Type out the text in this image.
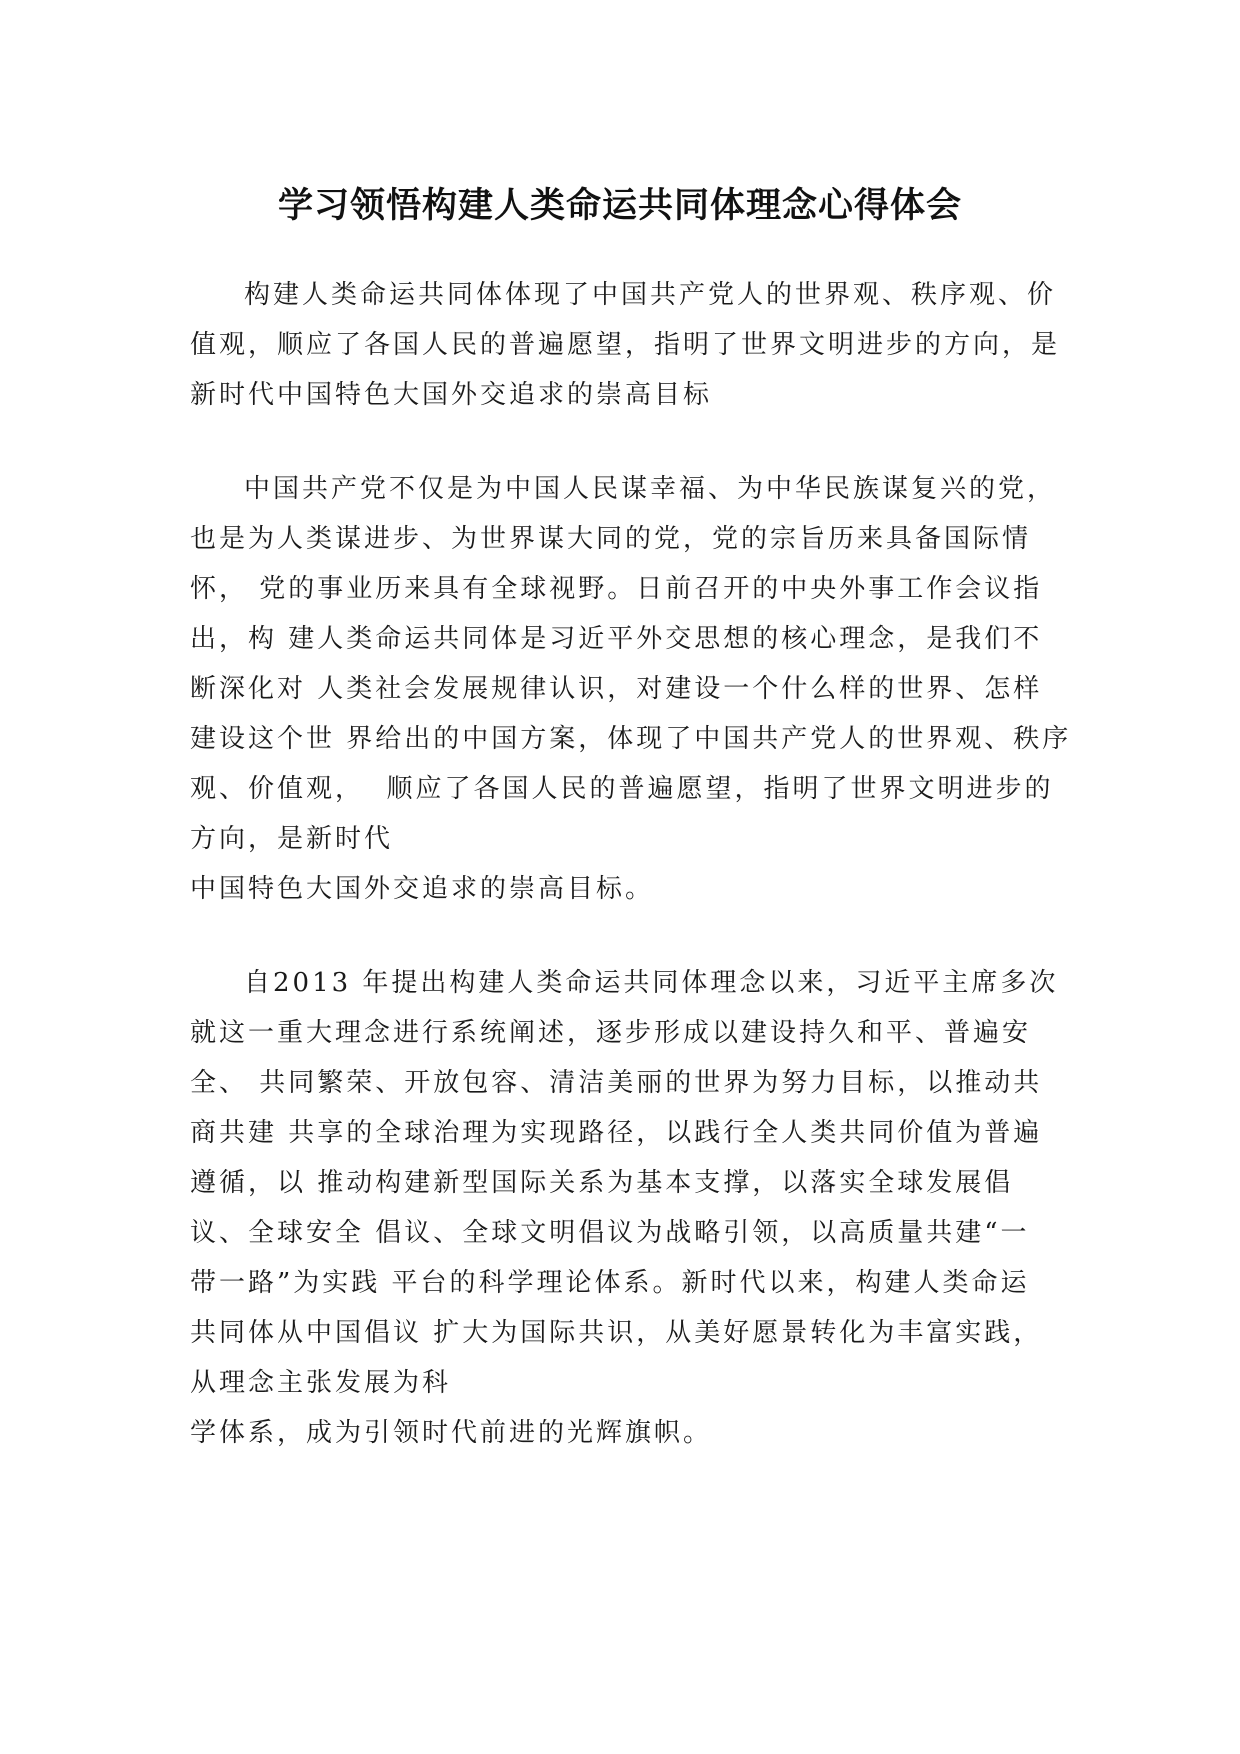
学习领悟构建人类命运共同体理念心得体会
构建人类命运共同体体现了中国共产党人的世界观、秩序观、价
值观，顺应了各国人民的普遍愿望，指明了世界文明进步的方向，是
新时代中国特色大国外交追求的崇高目标
中国共产党不仅是为中国人民谋幸福、为中华民族谋复兴的党，
也是为人类谋进步、为世界谋大同的党，党的宗旨历来具备国际情
怀， 党的事业历来具有全球视野。日前召开的中央外事工作会议指
出，构 建人类命运共同体是习近平外交思想的核心理念，是我们不
断深化对 人类社会发展规律认识，对建设一个什么样的世界、怎样
建设这个世 界给出的中国方案，体现了中国共产党人的世界观、秩序
观、价值观，  顺应了各国人民的普遍愿望，指明了世界文明进步的
方向，是新时代
中国特色大国外交追求的崇高目标。
自2013 年提出构建人类命运共同体理念以来，习近平主席多次
就这一重大理念进行系统阐述，逐步形成以建设持久和平、普遍安
全、 共同繁荣、开放包容、清洁美丽的世界为努力目标，以推动共
商共建 共享的全球治理为实现路径，以践行全人类共同价值为普遍
遵循，以 推动构建新型国际关系为基本支撑，以落实全球发展倡
议、全球安全 倡议、全球文明倡议为战略引领，以高质量共建“一
带一路”为实践 平台的科学理论体系。新时代以来，构建人类命运
共同体从中国倡议 扩大为国际共识，从美好愿景转化为丰富实践，
从理念主张发展为科
学体系，成为引领时代前进的光辉旗帜。
